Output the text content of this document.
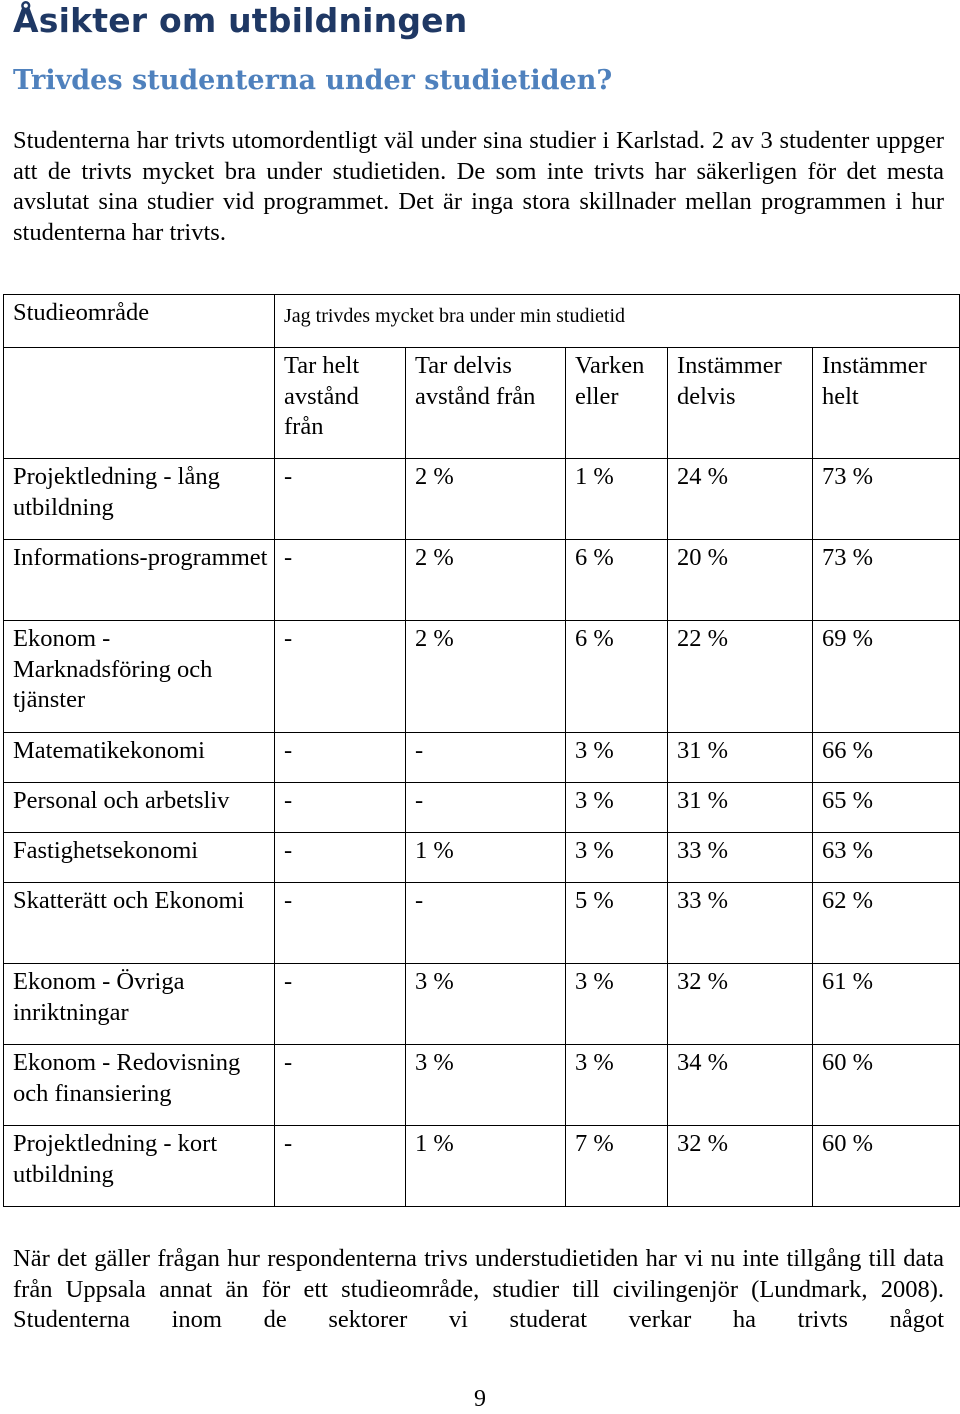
Åsikter om utbildningen
Trivdes studenterna under studietiden?

Studenterna har trivts utomordentligt väl under sina studier i Karlstad. 2 av 3 studenter uppger att de trivts mycket bra under studietiden. De som inte trivts har säkerligen för det mesta avslutat sina studier vid programmet. Det är inga stora skillnader mellan programmen i hur studenterna har trivts.

Studieområde	Jag trivdes mycket bra under min studietid				
	Tar helt avstånd från	Tar delvis avstånd från	Varken eller	Instämmer delvis	Instämmer helt
Projektledning - lång utbildning	-	2 %	1 %	24 %	73 %
Informations-programmet	-	2 %	6 %	20 %	73 %
Ekonom - Marknadsföring och tjänster	-	2 %	6 %	22 %	69 %
Matematikekonomi	-	-	3 %	31 %	66 %
Personal och arbetsliv	-	-	3 %	31 %	65 %
Fastighetsekonomi	-	1 %	3 %	33 %	63 %
Skatterätt och Ekonomi	-	-	5 %	33 %	62 %
Ekonom - Övriga inriktningar	-	3 %	3 %	32 %	61 %
Ekonom - Redovisning och finansiering	-	3 %	3 %	34 %	60 %
Projektledning - kort utbildning	-	1 %	7 %	32 %	60 %

När det gäller frågan hur respondenterna trivs understudietiden har vi nu inte tillgång till data från Uppsala annat än för ett studieområde, studier till civilingenjör (Lundmark, 2008). Studenterna inom de sektorer vi studerat verkar ha trivts något

9
